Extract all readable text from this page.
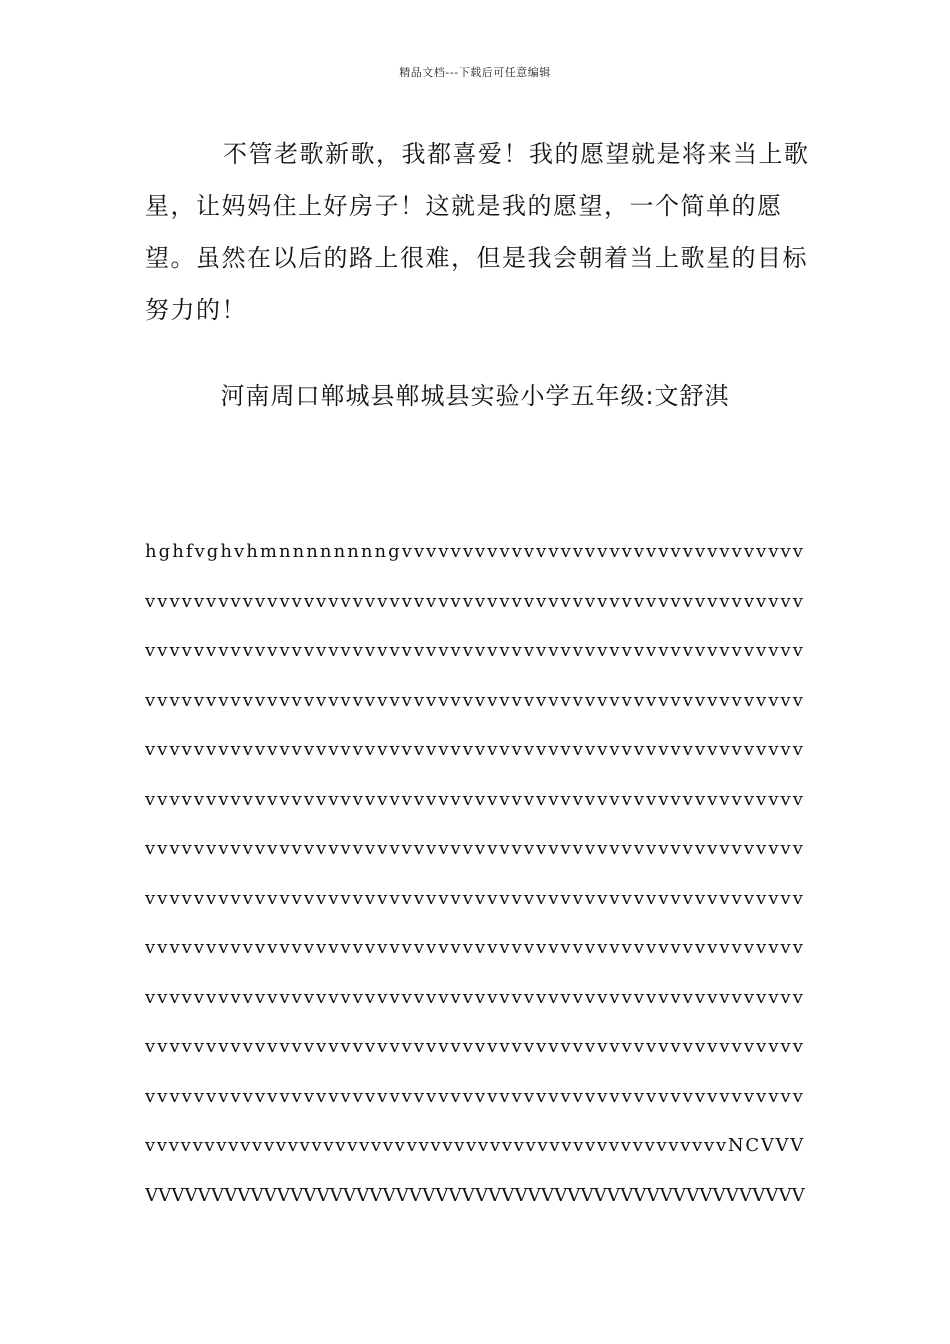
精品文档---下载后可任意编辑

不管老歌新歌，我都喜爱！我的愿望就是将来当上歌星，让妈妈住上好房子！这就是我的愿望，一个简单的愿望。虽然在以后的路上很难，但是我会朝着当上歌星的目标努力的！

河南周口郸城县郸城县实验小学五年级:文舒淇
hghfvghvhmnnnnnnnngvvvvvvvvvvvvvvvvvvvvvvvvvvvvvvvvv
vvvvvvvvvvvvvvvvvvvvvvvvvvvvvvvvvvvvvvvvvvvvvvvvvvvvvv
vvvvvvvvvvvvvvvvvvvvvvvvvvvvvvvvvvvvvvvvvvvvvvvvvvvvvv
vvvvvvvvvvvvvvvvvvvvvvvvvvvvvvvvvvvvvvvvvvvvvvvvvvvvvv
vvvvvvvvvvvvvvvvvvvvvvvvvvvvvvvvvvvvvvvvvvvvvvvvvvvvvv
vvvvvvvvvvvvvvvvvvvvvvvvvvvvvvvvvvvvvvvvvvvvvvvvvvvvvv
vvvvvvvvvvvvvvvvvvvvvvvvvvvvvvvvvvvvvvvvvvvvvvvvvvvvvv
vvvvvvvvvvvvvvvvvvvvvvvvvvvvvvvvvvvvvvvvvvvvvvvvvvvvvv
vvvvvvvvvvvvvvvvvvvvvvvvvvvvvvvvvvvvvvvvvvvvvvvvvvvvvv
vvvvvvvvvvvvvvvvvvvvvvvvvvvvvvvvvvvvvvvvvvvvvvvvvvvvvv
vvvvvvvvvvvvvvvvvvvvvvvvvvvvvvvvvvvvvvvvvvvvvvvvvvvvvv
vvvvvvvvvvvvvvvvvvvvvvvvvvvvvvvvvvvvvvvvvvvvvvvvvvvvvv
vvvvvvvvvvvvvvvvvvvvvvvvvvvvvvvvvvvvvvvvvvvvvvvvvNCVVV
VVVVVVVVVVVVVVVVVVVVVVVVVVVVVVVVVVVVVVVVVVVVVVVVVV
